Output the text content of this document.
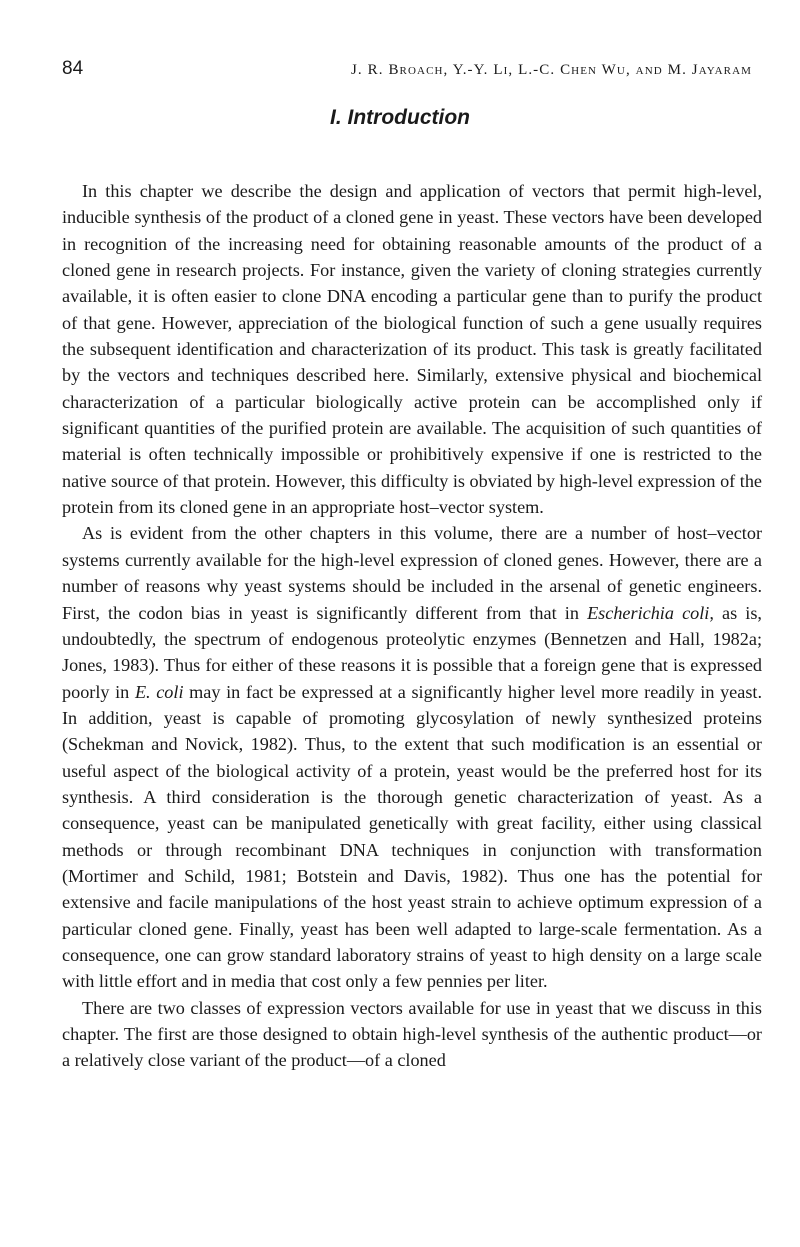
84	J. R. Broach, Y.-Y. Li, L.-C. Chen Wu, and M. Jayaram
I. Introduction

In this chapter we describe the design and application of vectors that permit high-level, inducible synthesis of the product of a cloned gene in yeast. These vectors have been developed in recognition of the increasing need for obtaining reasonable amounts of the product of a cloned gene in research projects. For instance, given the variety of cloning strategies currently available, it is often easier to clone DNA encoding a particular gene than to purify the product of that gene. However, appreciation of the biological function of such a gene usually requires the subsequent identification and characterization of its product. This task is greatly facilitated by the vectors and techniques described here. Similarly, extensive physical and biochemical characterization of a particular biologically active protein can be accomplished only if significant quantities of the purified protein are available. The acquisition of such quantities of material is often technically impossible or prohibitively expensive if one is restricted to the native source of that protein. However, this difficulty is obviated by high-level expression of the protein from its cloned gene in an appropriate host–vector system.

As is evident from the other chapters in this volume, there are a number of host–vector systems currently available for the high-level expression of cloned genes. However, there are a number of reasons why yeast systems should be included in the arsenal of genetic engineers. First, the codon bias in yeast is significantly different from that in Escherichia coli, as is, undoubtedly, the spectrum of endogenous proteolytic enzymes (Bennetzen and Hall, 1982a; Jones, 1983). Thus for either of these reasons it is possible that a foreign gene that is expressed poorly in E. coli may in fact be expressed at a significantly higher level more readily in yeast. In addition, yeast is capable of promoting glycosylation of newly synthesized proteins (Schekman and Novick, 1982). Thus, to the extent that such modification is an essential or useful aspect of the biological activity of a protein, yeast would be the preferred host for its synthesis. A third consideration is the thorough genetic characterization of yeast. As a consequence, yeast can be manipulated genetically with great facility, either using classical methods or through recombinant DNA techniques in conjunction with transformation (Mortimer and Schild, 1981; Botstein and Davis, 1982). Thus one has the potential for extensive and facile manipulations of the host yeast strain to achieve optimum expression of a particular cloned gene. Finally, yeast has been well adapted to large-scale fermentation. As a consequence, one can grow standard laboratory strains of yeast to high density on a large scale with little effort and in media that cost only a few pennies per liter.

There are two classes of expression vectors available for use in yeast that we discuss in this chapter. The first are those designed to obtain high-level synthesis of the authentic product—or a relatively close variant of the product—of a cloned
